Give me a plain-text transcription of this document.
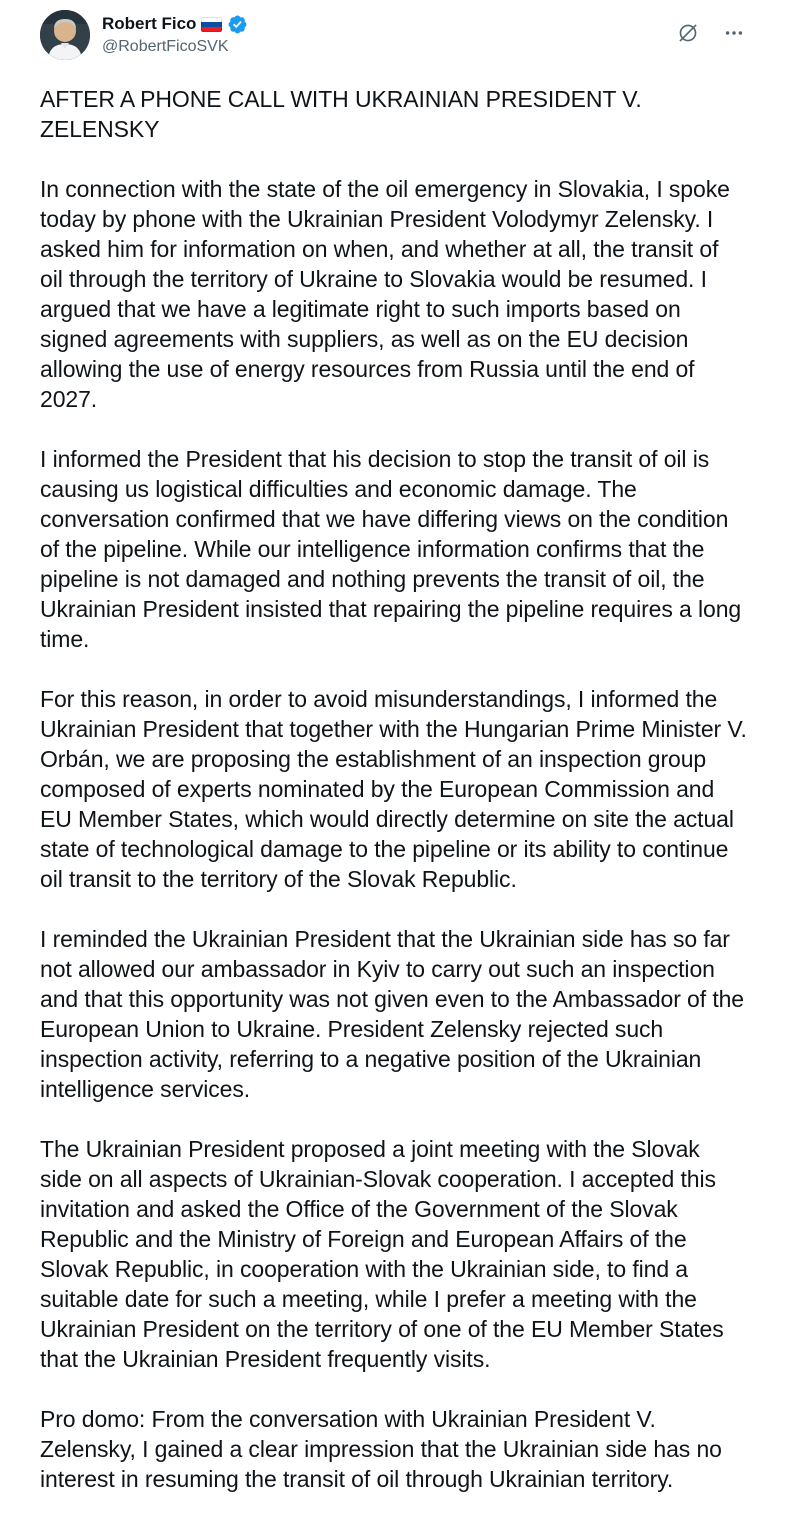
Robert Fico
@RobertFicoSVK

AFTER A PHONE CALL WITH UKRAINIAN PRESIDENT V. ZELENSKY

In connection with the state of the oil emergency in Slovakia, I spoke today by phone with the Ukrainian President Volodymyr Zelensky. I asked him for information on when, and whether at all, the transit of oil through the territory of Ukraine to Slovakia would be resumed. I argued that we have a legitimate right to such imports based on signed agreements with suppliers, as well as on the EU decision allowing the use of energy resources from Russia until the end of 2027.

I informed the President that his decision to stop the transit of oil is causing us logistical difficulties and economic damage. The conversation confirmed that we have differing views on the condition of the pipeline. While our intelligence information confirms that the pipeline is not damaged and nothing prevents the transit of oil, the Ukrainian President insisted that repairing the pipeline requires a long time.

For this reason, in order to avoid misunderstandings, I informed the Ukrainian President that together with the Hungarian Prime Minister V. Orbán, we are proposing the establishment of an inspection group composed of experts nominated by the European Commission and EU Member States, which would directly determine on site the actual state of technological damage to the pipeline or its ability to continue oil transit to the territory of the Slovak Republic.

I reminded the Ukrainian President that the Ukrainian side has so far not allowed our ambassador in Kyiv to carry out such an inspection and that this opportunity was not given even to the Ambassador of the European Union to Ukraine. President Zelensky rejected such inspection activity, referring to a negative position of the Ukrainian intelligence services.

The Ukrainian President proposed a joint meeting with the Slovak side on all aspects of Ukrainian-Slovak cooperation. I accepted this invitation and asked the Office of the Government of the Slovak Republic and the Ministry of Foreign and European Affairs of the Slovak Republic, in cooperation with the Ukrainian side, to find a suitable date for such a meeting, while I prefer a meeting with the Ukrainian President on the territory of one of the EU Member States that the Ukrainian President frequently visits.

Pro domo: From the conversation with Ukrainian President V. Zelensky, I gained a clear impression that the Ukrainian side has no interest in resuming the transit of oil through Ukrainian territory.
